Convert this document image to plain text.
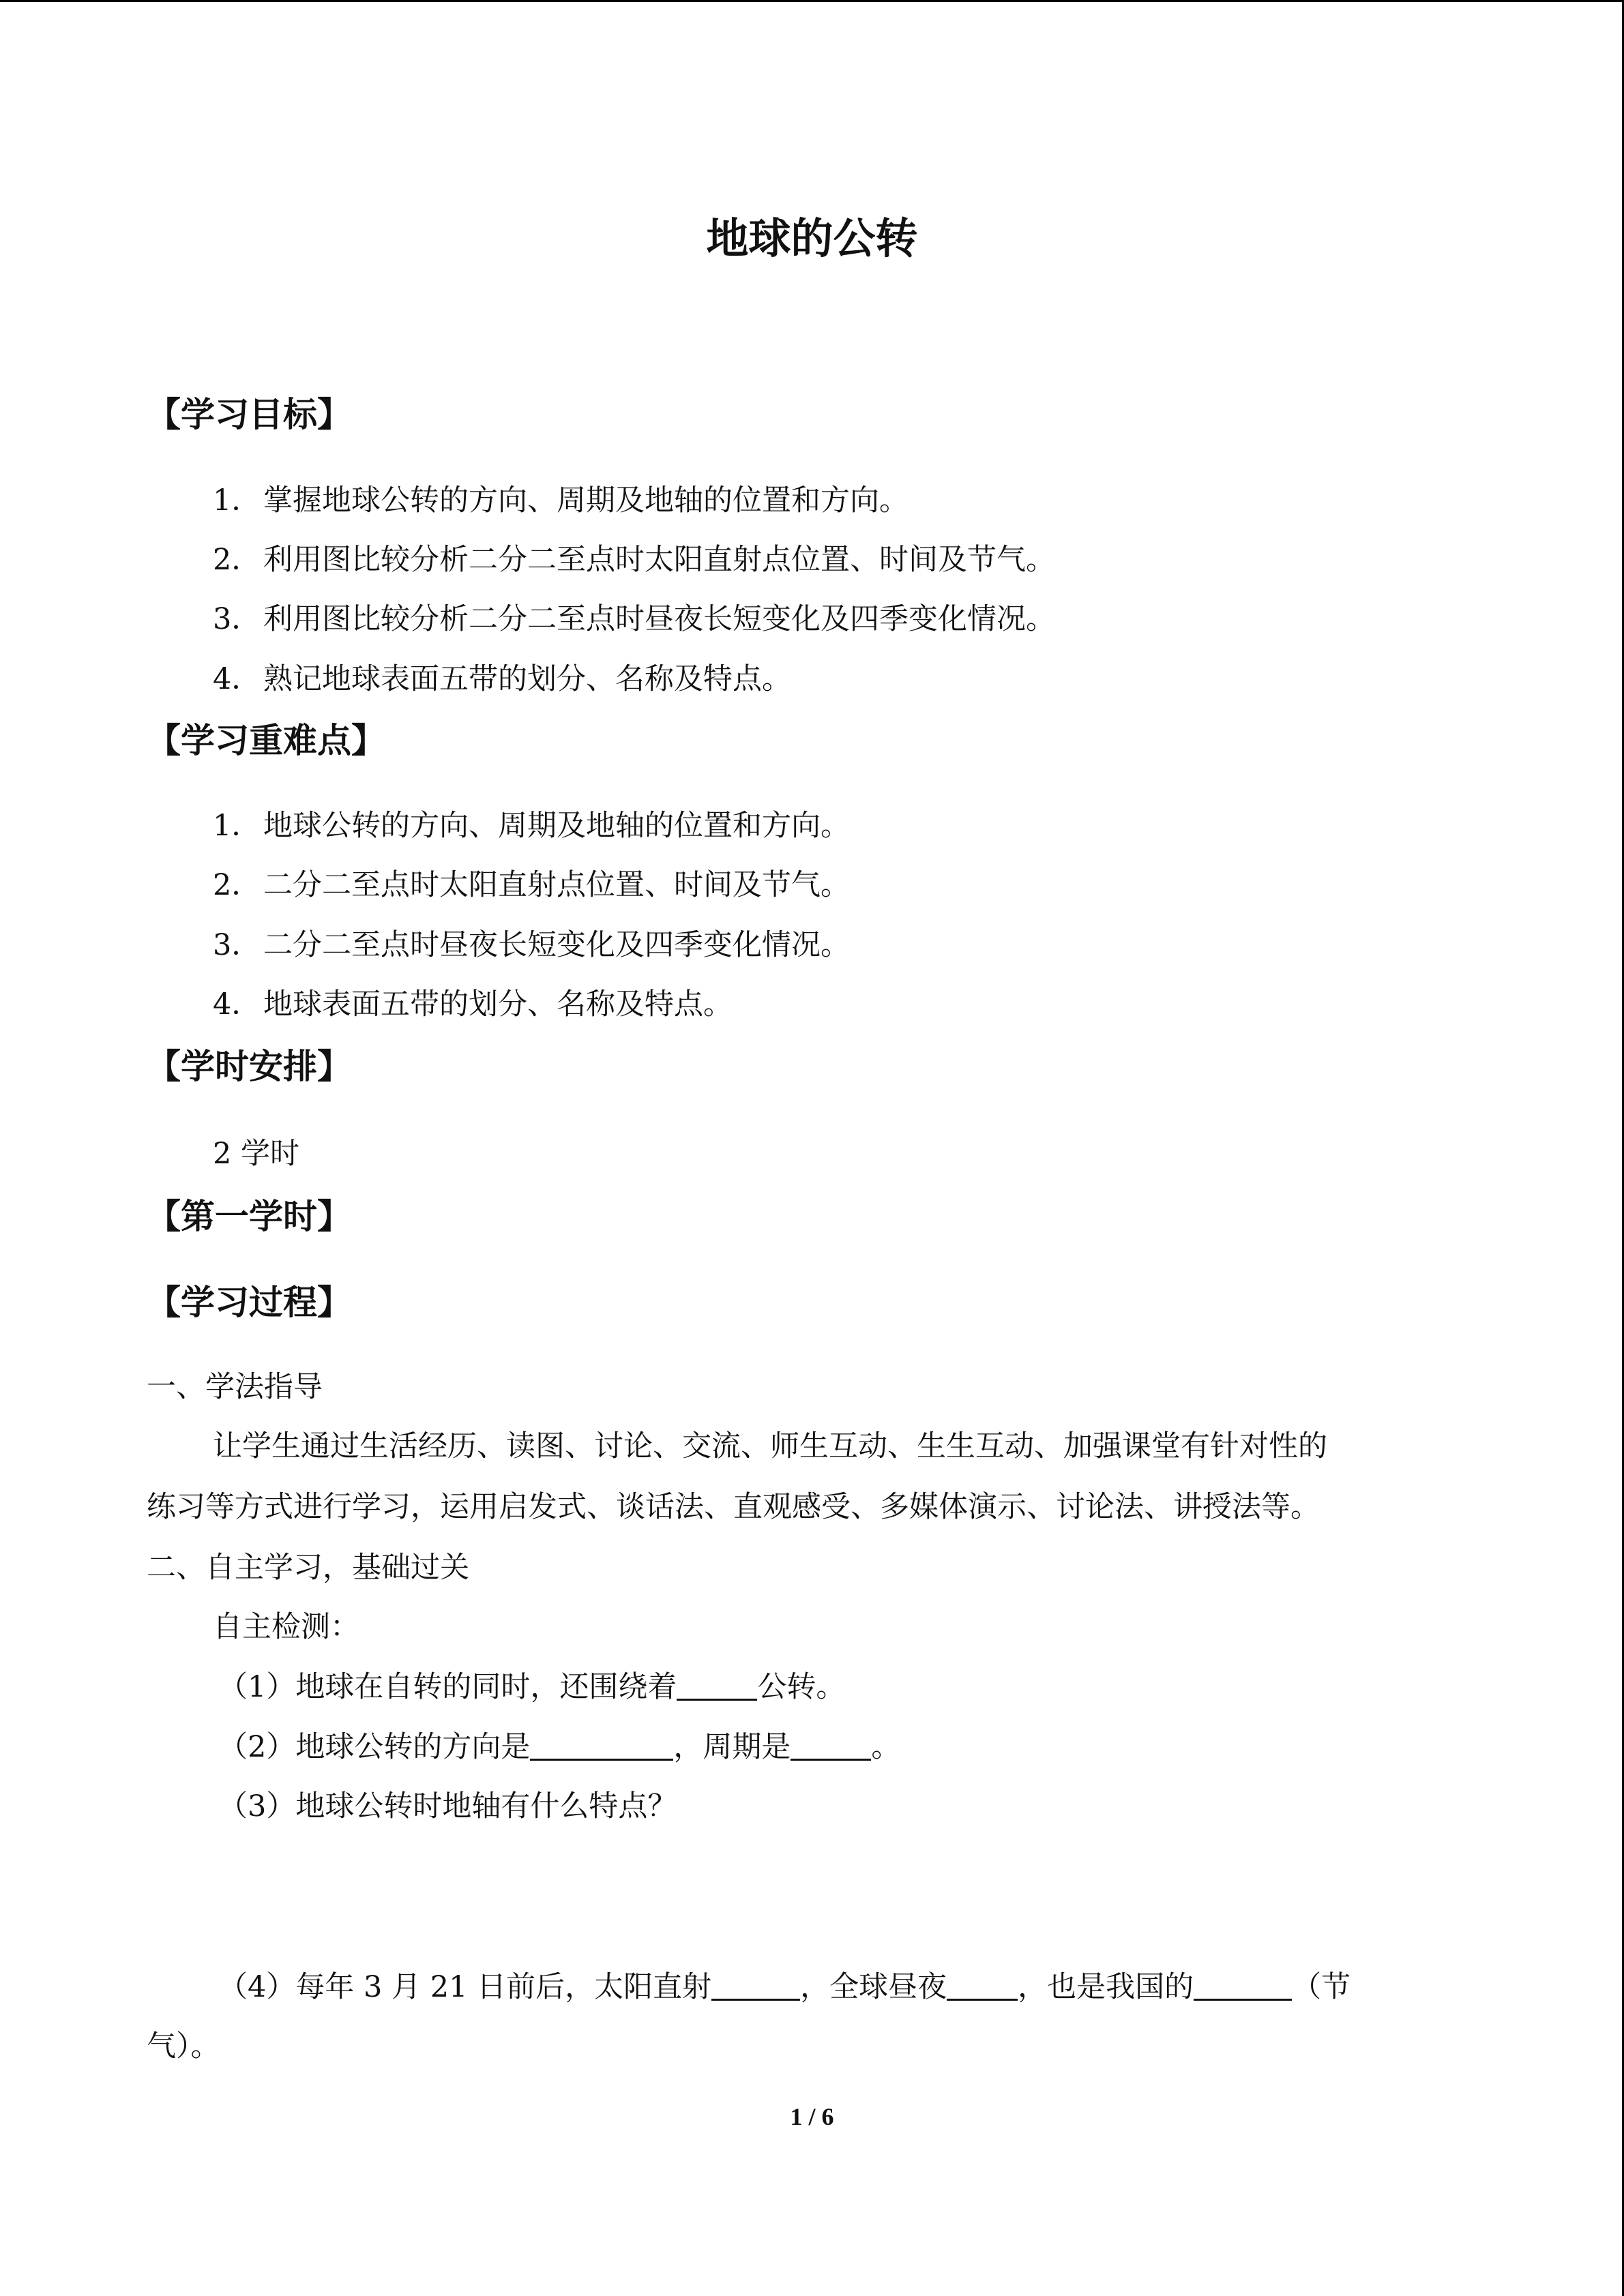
地球的公转
【学习目标】
1．掌握地球公转的方向、周期及地轴的位置和方向。
2．利用图比较分析二分二至点时太阳直射点位置、时间及节气。
3．利用图比较分析二分二至点时昼夜长短变化及四季变化情况。
4．熟记地球表面五带的划分、名称及特点。
【学习重难点】
1．地球公转的方向、周期及地轴的位置和方向。
2．二分二至点时太阳直射点位置、时间及节气。
3．二分二至点时昼夜长短变化及四季变化情况。
4．地球表面五带的划分、名称及特点。
【学时安排】
2 学时
【第一学时】
【学习过程】
一、学法指导
让学生通过生活经历、读图、讨论、交流、师生互动、生生互动、加强课堂有针对性的
练习等方式进行学习，运用启发式、谈话法、直观感受、多媒体演示、讨论法、讲授法等。
二、自主学习，基础过关
自主检测：
（1）地球在自转的同时，还围绕着	公转。
（2）地球公转的方向是	，周期是	。
（3）地球公转时地轴有什么特点？
（4）每年 3 月 21 日前后，太阳直射	，全球昼夜 ，也是我国的	（节
气）。
1 / 6
